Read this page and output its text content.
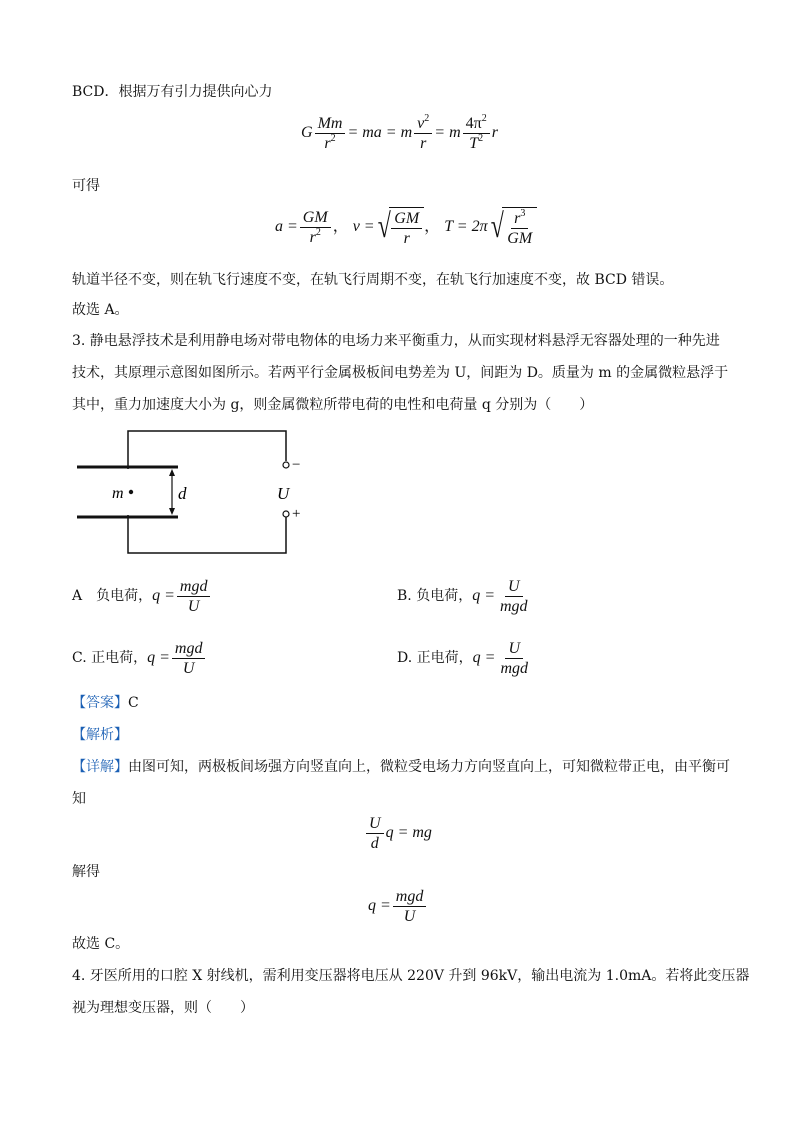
BCD．根据万有引力提供向心力
G $\frac{Mm}{r^2}$ = ma = m $\frac{v^2}{r} = m \frac{4\pi^2}{T^2}$ r
可得
$a = \frac{GM}{r^2}$ ， v = √ $\frac{GM}{r}$ ， T = 2π √ $\frac{r^3}{GM}$
轨道半径不变，则在轨飞行速度不变，在轨飞行周期不变，在轨飞行加速度不变，故 BCD 错误。
故选 A。
3. 静电悬浮技术是利用静电场对带电物体的电场力来平衡重力，从而实现材料悬浮无容器处理的一种先进
技术，其原理示意图如图所示。若两平行金属极板间电势差为 U，间距为 D。质量为 m 的金属微粒悬浮于
其中，重力加速度大小为 g，则金属微粒所带电荷的电性和电荷量 q 分别为（　　）
m	d	U
−
+
A　负电荷，$q = \frac{\text{mgd}}{U}$	B. 负电荷，$q = \frac{U}{\text{mgd}}$
C. 正电荷，$q = \frac{\text{mgd}}{U}$	D. 正电荷，$q = \frac{U}{\text{mgd}}$
【答案】C
【解析】
【详解】由图可知，两极板间场强方向竖直向上，微粒受电场力方向竖直向上，可知微粒带正电，由平衡可
知
$\frac{U}{d}$ q = mg
解得
$q = \frac{\text{mgd}}{U}$
故选 C。
4. 牙医所用的口腔 X 射线机，需利用变压器将电压从 220V 升到 96kV，输出电流为 1.0mA。若将此变压器
视为理想变压器，则（　　）
